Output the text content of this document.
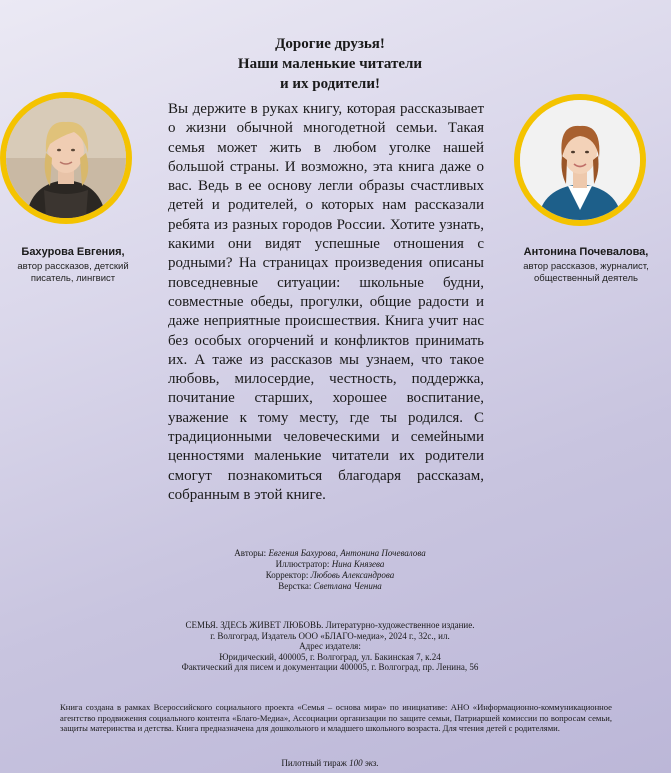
Дорогие друзья!
Наши маленькие читатели
и их родители!
Вы держите в руках книгу, которая рассказывает о жизни обычной многодетной семьи. Такая семья может жить в любом уголке нашей большой страны. И возможно, эта книга даже о вас. Ведь в ее основу легли образы счастливых детей и родителей, о которых нам рассказали ребята из разных городов России. Хотите узнать, какими они видят успешные отношения с родными? На страницах произведения описаны повседневные ситуации: школьные будни, совместные обеды, прогулки, общие радости и даже неприятные происшествия. Книга учит нас без особых огорчений и конфликтов принимать их. А таже из рассказов мы узнаем, что такое любовь, милосердие, честность, поддержка, почитание старших, хорошее воспитание, уважение к тому месту, где ты родился. С традиционными человеческими и семейными ценностями маленькие читатели их родители смогут познакомиться благодаря рассказам, собранным в этой книге.
Бахурова Евгения,
автор рассказов, детский
писатель, лингвист
Антонина Почевалова,
автор рассказов, журналист,
общественный деятель
Авторы: Евгения Бахурова, Антонина Почевалова
Иллюстратор: Нина Князева
Корректор: Любовь Александрова
Верстка: Светлана Ченина
СЕМЬЯ. ЗДЕСЬ ЖИВЕТ ЛЮБОВЬ. Литературно-художественное издание.
г. Волгоград, Издатель ООО «БЛАГО-медиа», 2024 г., 32с., ил.
Адрес издателя:
Юридический, 400005, г. Волгоград, ул. Бакинская 7, к.24
Фактический для писем и документации 400005, г. Волгоград, пр. Ленина, 56
Книга создана в рамках Всероссийского социального проекта «Семья – основа мира» по инициативе: АНО «Информационно-коммуникационное агентство продвижения социального контента «Благо-Медиа», Ассоциации организации по защите семьи, Патриаршей комиссии по вопросам семьи, защиты материнства и детства. Книга предназначена для дошкольного и младшего школьного возраста. Для чтения детей с родителями.
Пилотный тираж 100 экз.
